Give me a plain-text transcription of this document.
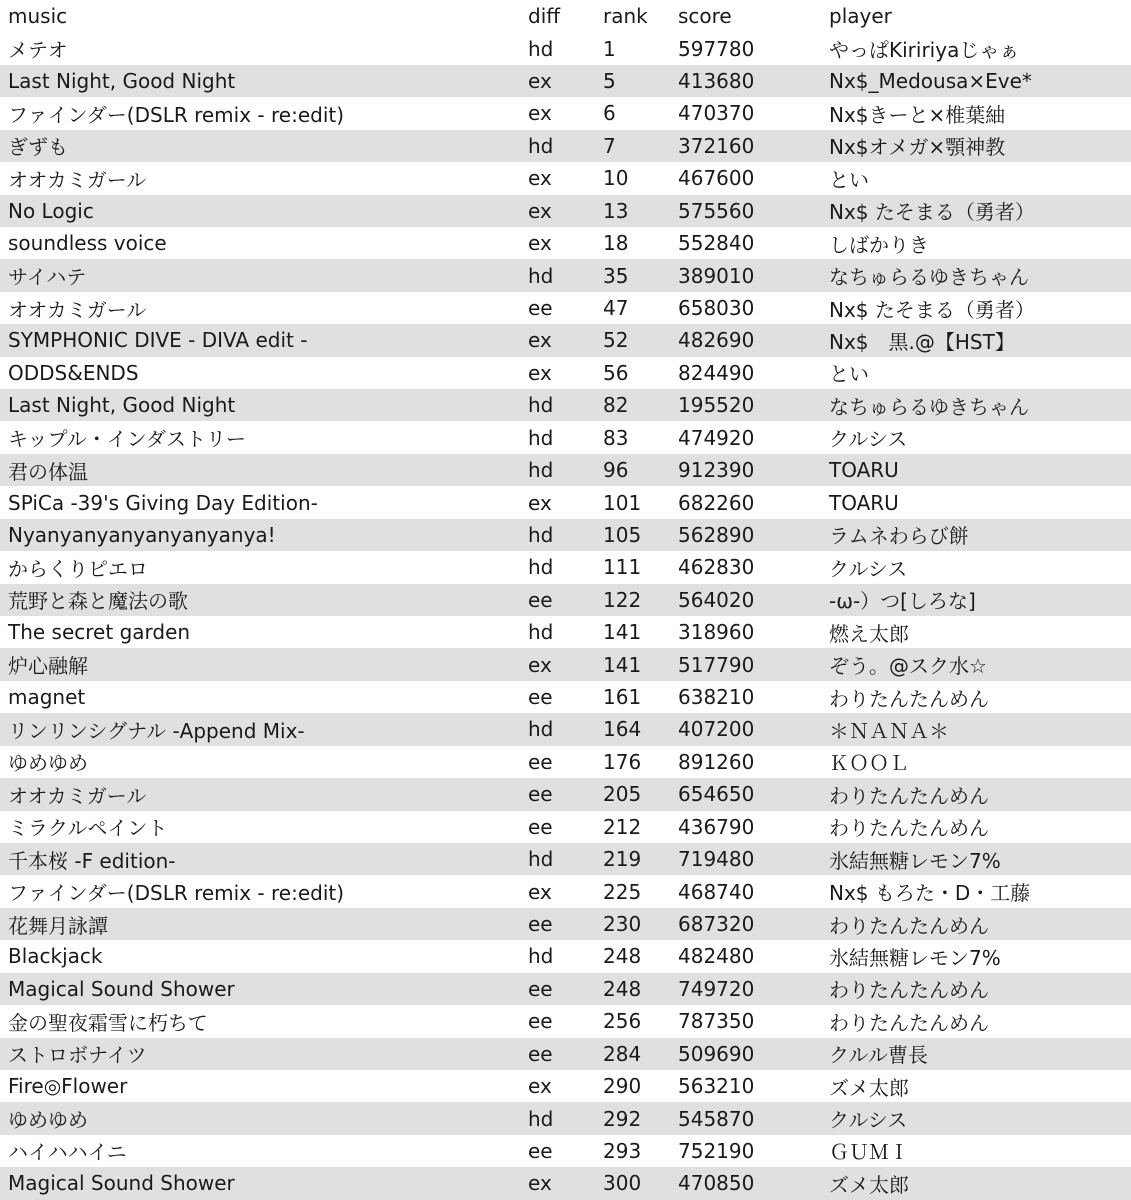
music	diff	rank	score	player
メテオ	hd	1	597780	やっぱKiririyaじゃぁ
Last Night, Good Night	ex	5	413680	Nx$_Medousa×Eve*
ファインダー(DSLR remix - re:edit)	ex	6	470370	Nx$きーと×椎葉紬
ぎずも	hd	7	372160	Nx$オメガ×顎神教
オオカミガール	ex	10	467600	とい
No Logic	ex	13	575560	Nx$ たそまる（勇者）
soundless voice	ex	18	552840	しばかりき
サイハテ	hd	35	389010	なちゅらるゆきちゃん
オオカミガール	ee	47	658030	Nx$ たそまる（勇者）
SYMPHONIC DIVE - DIVA edit -	ex	52	482690	Nx$　黒.@【HST】
ODDS&ENDS	ex	56	824490	とい
Last Night, Good Night	hd	82	195520	なちゅらるゆきちゃん
キップル・インダストリー	hd	83	474920	クルシス
君の体温	hd	96	912390	TOARU
SPiCa -39's Giving Day Edition-	ex	101	682260	TOARU
Nyanyanyanyanyanyanya!	hd	105	562890	ラムネわらび餅
からくりピエロ	hd	111	462830	クルシス
荒野と森と魔法の歌	ee	122	564020	-ω-）つ[しろな]
The secret garden	hd	141	318960	燃え太郎
炉心融解	ex	141	517790	ぞう。@スク水☆
magnet	ee	161	638210	わりたんたんめん
リンリンシグナル -Append Mix-	hd	164	407200	＊ＮＡＮＡ＊
ゆめゆめ	ee	176	891260	ＫＯＯＬ
オオカミガール	ee	205	654650	わりたんたんめん
ミラクルペイント	ee	212	436790	わりたんたんめん
千本桜 -F edition-	hd	219	719480	氷結無糖レモン7%
ファインダー(DSLR remix - re:edit)	ex	225	468740	Nx$ もろた・D・工藤
花舞月詠譚	ee	230	687320	わりたんたんめん
Blackjack	hd	248	482480	氷結無糖レモン7%
Magical Sound Shower	ee	248	749720	わりたんたんめん
金の聖夜霜雪に朽ちて	ee	256	787350	わりたんたんめん
ストロボナイツ	ee	284	509690	クルル曹長
Fire◎Flower	ex	290	563210	ズメ太郎
ゆめゆめ	hd	292	545870	クルシス
ハイハハイニ	ee	293	752190	ＧＵＭＩ
Magical Sound Shower	ex	300	470850	ズメ太郎
